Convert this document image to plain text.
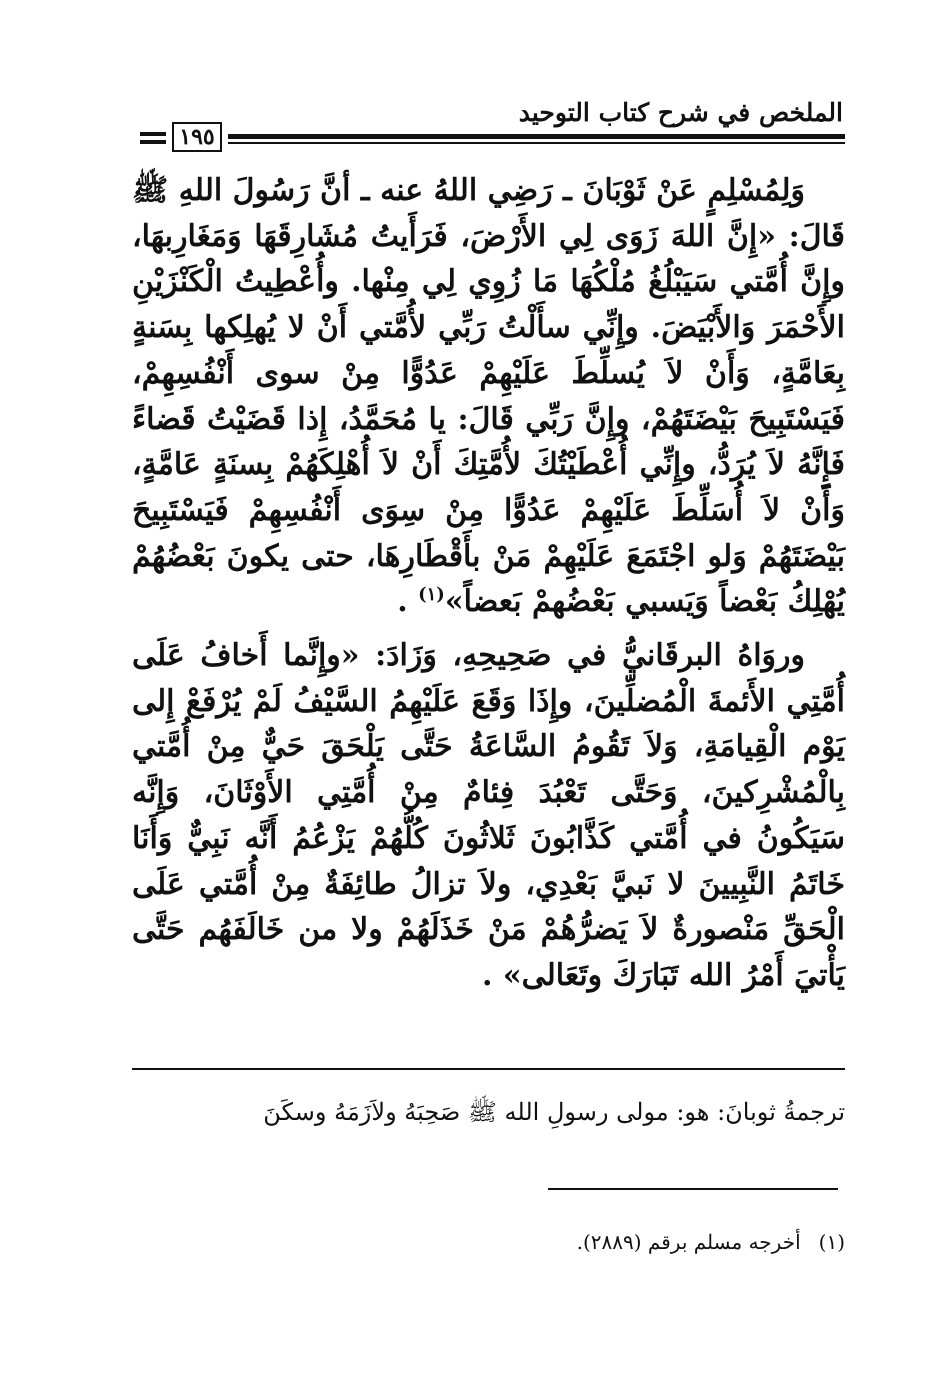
الملخص في شرح كتاب التوحيد
١٩٥

وَلِمُسْلِمٍ عَنْ ثَوْبَانَ ـ رَضِي اللهُ عنه ـ أنَّ رَسُولَ اللهِ ﷺ قَالَ: «إِنَّ اللهَ زَوَى لِي الأَرْضَ، فَرَأَيتُ مُشَارِقَهَا وَمَغَارِبهَا، وإِنَّ أُمَّتي سَيَبْلُغُ مُلْكُهَا مَا زُوِي لِي مِنْها. وأُعْطِيتُ الْكَنْزَيْنِ الأَحْمَرَ وَالأَبْيَضَ. وإِنِّي سأَلْتُ رَبِّي لأُمَّتي أَنْ لا يُهلِكها بِسَنةٍ بِعَامَّةٍ، وَأَنْ لاَ يُسلِّطَ عَلَيْهِمْ عَدُوًّا مِنْ سوى أَنْفُسِهِمْ، فَيَسْتَبِيحَ بَيْضَتَهُمْ، وإِنَّ رَبِّي قَالَ: يا مُحَمَّدُ، إِذا قَضَيْتُ قَضاءً فَإِنَّهُ لاَ يُرَدُّ، وإِنِّي أُعْطَيْتُكَ لأُمَّتِكَ أَنْ لاَ أُهْلِكَهُمْ بِسنَةٍ عَامَّةٍ، وَأَنْ لاَ أُسَلِّطَ عَلَيْهِمْ عَدُوًّا مِنْ سِوَى أَنْفُسِهِمْ فَيَسْتَبِيحَ بَيْضَتَهُمْ وَلو اجْتَمَعَ عَلَيْهِمْ مَنْ بأَقْطَارِهَا، حتى يكونَ بَعْضُهُمْ يُهْلِكُ بَعْضاً وَيَسبي بَعْضُهمْ بَعضاً»$^{(١)}$ .

وروَاهُ البرقَانيُّ في صَحِيحِهِ، وَزَادَ: «وإِنَّما أَخافُ عَلَى أُمَّتِي الأَئمةَ الْمُضلِّينَ، وإِذَا وَقَعَ عَلَيْهِمُ السَّيْفُ لَمْ يُرْفَعْ إِلى يَوْم الْقِيامَةِ، وَلاَ تَقُومُ السَّاعَةُ حَتَّى يَلْحَقَ حَيٌّ مِنْ أُمَّتي بِالْمُشْرِكينَ، وَحَتَّى تَعْبُدَ فِئامٌ مِنْ أُمَّتِي الأَوْثَانَ، وَإِنَّه سَيَكُونُ في أُمَّتي كَذَّابُونَ ثَلاثُونَ كُلُّهُمْ يَزْعُمُ أَنَّه نَبِيٌّ وَأَنَا خَاتَمُ النَّبِيينَ لا نَبيَّ بَعْدِي، ولاَ تزالُ طائِفَةٌ مِنْ أُمَّتي عَلَى الْحَقِّ مَنْصورةٌ لاَ يَضرُّهُمْ مَنْ خَذَلَهُمْ ولا من خَالَفَهُم حَتَّى يَأْتيَ أَمْرُ الله تَبَارَكَ وتَعَالى» .

ترجمةُ ثوبانَ: هو: مولى رسولِ الله ﷺ صَحِبَهُ ولاَزَمَهُ وسكَنَ
(١)أخرجه مسلم برقم (٢٨٨٩).
